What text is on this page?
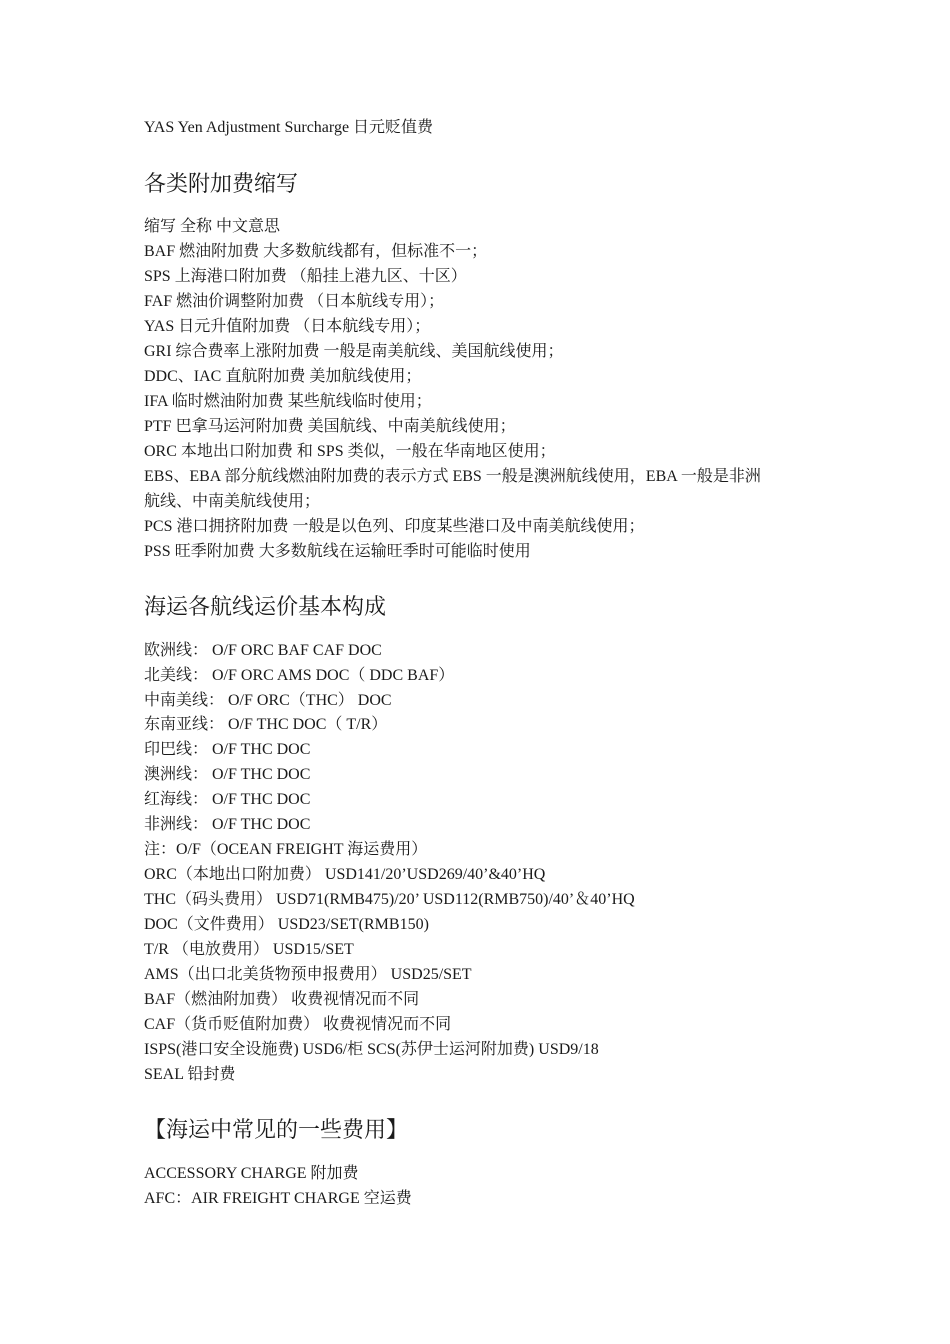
YAS Yen Adjustment Surcharge 日元贬值费
各类附加费缩写
缩写 全称 中文意思
BAF 燃油附加费 大多数航线都有，但标准不一；
SPS 上海港口附加费 （船挂上港九区、十区）
FAF 燃油价调整附加费 （日本航线专用）；
YAS 日元升值附加费 （日本航线专用）；
GRI 综合费率上涨附加费 一般是南美航线、美国航线使用；
DDC、IAC 直航附加费 美加航线使用；
IFA 临时燃油附加费 某些航线临时使用；
PTF 巴拿马运河附加费 美国航线、中南美航线使用；
ORC 本地出口附加费 和 SPS 类似，一般在华南地区使用；
EBS、EBA 部分航线燃油附加费的表示方式 EBS 一般是澳洲航线使用，EBA 一般是非洲
航线、中南美航线使用；
PCS 港口拥挤附加费 一般是以色列、印度某些港口及中南美航线使用；
PSS 旺季附加费 大多数航线在运输旺季时可能临时使用
海运各航线运价基本构成
欧洲线： O/F ORC BAF CAF DOC
北美线： O/F ORC AMS DOC（ DDC BAF）
中南美线： O/F ORC（THC） DOC
东南亚线： O/F THC DOC（ T/R）
印巴线： O/F THC DOC
澳洲线： O/F THC DOC
红海线： O/F THC DOC
非洲线： O/F THC DOC
注：O/F（OCEAN FREIGHT 海运费用）
ORC（本地出口附加费） USD141/20’USD269/40’&40’HQ
THC（码头费用） USD71(RMB475)/20’ USD112(RMB750)/40’＆40’HQ
DOC（文件费用） USD23/SET(RMB150)
T/R （电放费用） USD15/SET
AMS（出口北美货物预申报费用） USD25/SET
BAF（燃油附加费） 收费视情况而不同
CAF（货币贬值附加费） 收费视情况而不同
ISPS(港口安全设施费) USD6/柜 SCS(苏伊士运河附加费) USD9/18
SEAL 铅封费
【海运中常见的一些费用】
ACCESSORY CHARGE 附加费
AFC：AIR FREIGHT CHARGE 空运费
